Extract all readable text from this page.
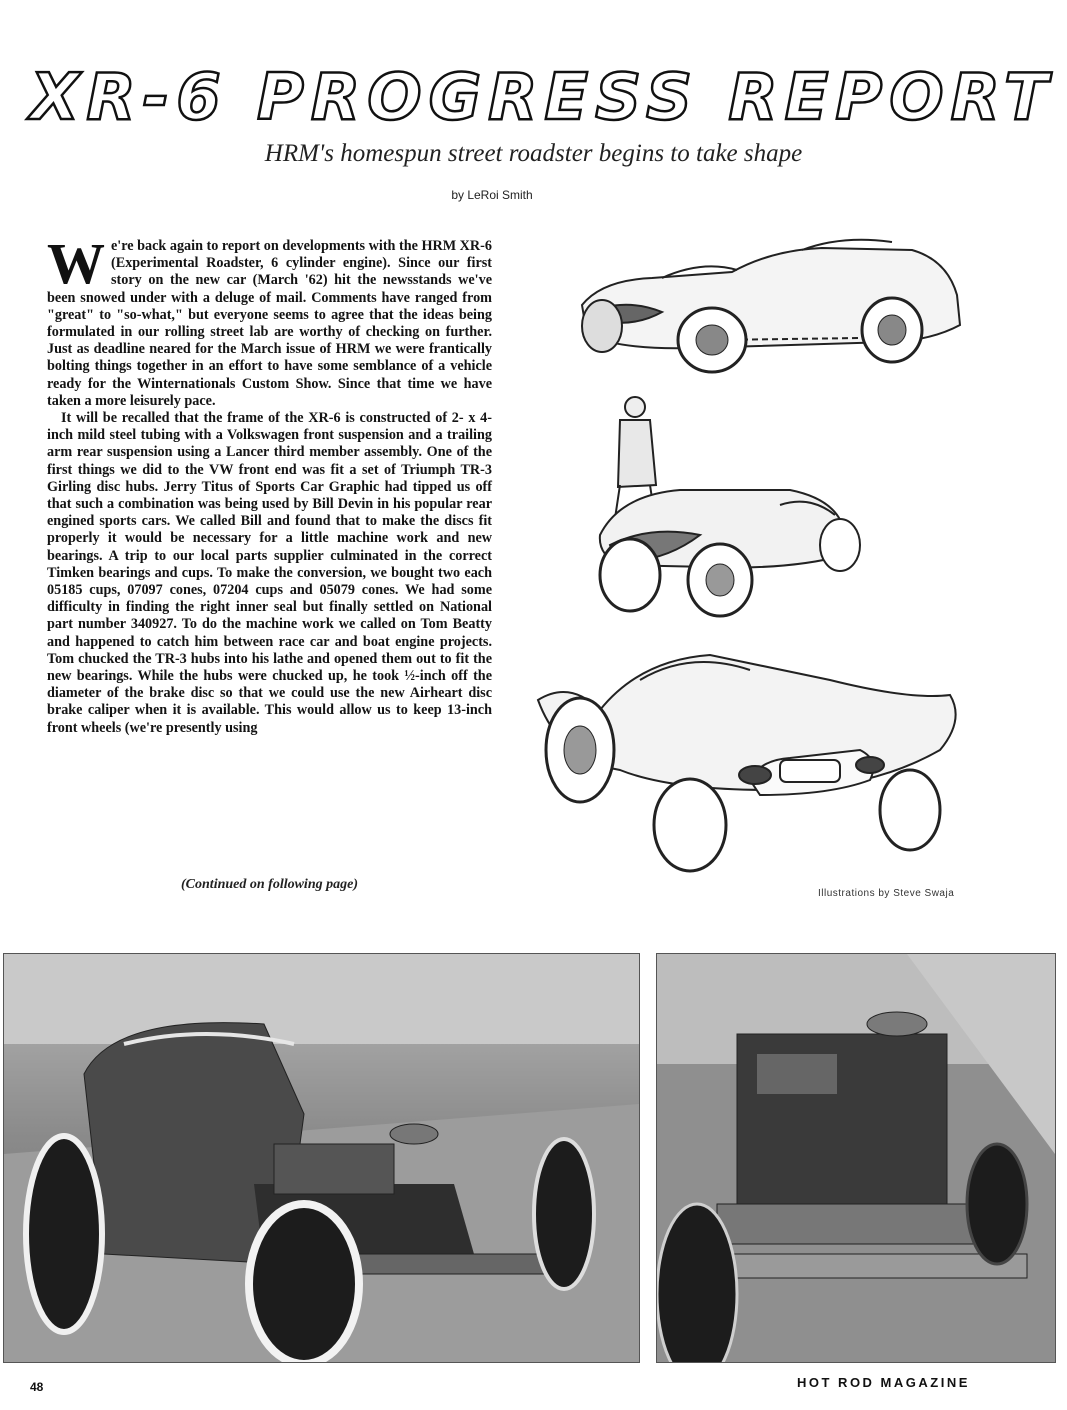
XR-6 PROGRESS REPORT
HRM's homespun street roadster begins to take shape
by LeRoi Smith

We're back again to report on developments with the HRM XR-6 (Experimental Roadster, 6 cylinder engine). Since our first story on the new car (March '62) hit the newsstands we've been snowed under with a deluge of mail. Comments have ranged from "great" to "so-what," but everyone seems to agree that the ideas being formulated in our rolling street lab are worthy of checking on further. Just as deadline neared for the March issue of HRM we were frantically bolting things together in an effort to have some semblance of a vehicle ready for the Winternationals Custom Show. Since that time we have taken a more leisurely pace.

It will be recalled that the frame of the XR-6 is constructed of 2- x 4-inch mild steel tubing with a Volkswagen front suspension and a trailing arm rear suspension using a Lancer third member assembly. One of the first things we did to the VW front end was fit a set of Triumph TR-3 Girling disc hubs. Jerry Titus of Sports Car Graphic had tipped us off that such a combination was being used by Bill Devin in his popular rear engined sports cars. We called Bill and found that to make the discs fit properly it would be necessary for a little machine work and new bearings. A trip to our local parts supplier culminated in the correct Timken bearings and cups. To make the conversion, we bought two each 05185 cups, 07097 cones, 07204 cups and 05079 cones. We had some difficulty in finding the right inner seal but finally settled on National part number 340927. To do the machine work we called on Tom Beatty and happened to catch him between race car and boat engine projects. Tom chucked the TR-3 hubs into his lathe and opened them out to fit the new bearings. While the hubs were chucked up, he took ½-inch off the diameter of the brake disc so that we could use the new Airheart disc brake caliper when it is available. This would allow us to keep 13-inch front wheels (we're presently using

(Continued on following page)
Illustrations by Steve Swaja
48	HOT ROD MAGAZINE
